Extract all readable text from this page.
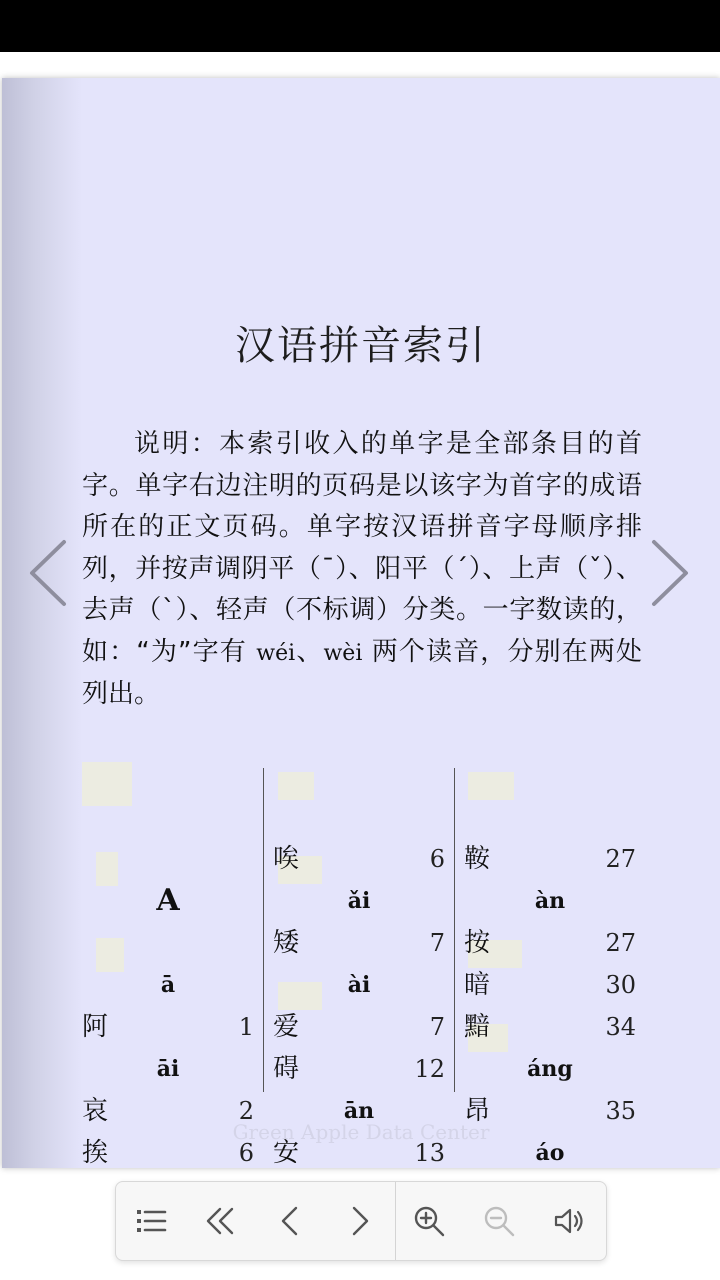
汉语拼音索引
说明：本索引收入的单字是全部条目的首字。单字右边注明的页码是以该字为首字的成语所在的正文页码。单字按汉语拼音字母顺序排列，并按声调阴平（ˉ）、阳平（ˊ）、上声（ˇ）、去声（ˋ）、轻声（不标调）分类。一字数读的，如：“为”字有 wéi、wèi 两个读音，分别在两处列出。
A
ā
阿	1
āi
哀	2
挨	6
唉	6
ǎi
矮	7
ài
爱	7
碍	12
ān
安	13
鞍	27
àn
按	27
暗	30
黯	34
áng
昂	35
áo
Green Apple Data Center
